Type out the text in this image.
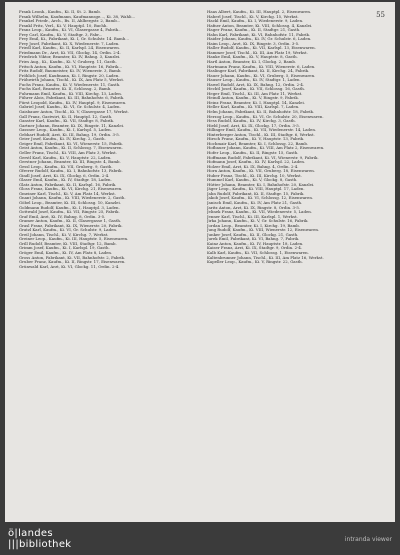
55

Frank Leonh., Kaufm., Ki. II, St. 2. Bamb.

Frank Wilhelm, Kaufmann, Kaufmannsge..., Ki. 38, Wahli...

Frankel Friedr., Arch., Bs. II, Ahlbergstr. 2, Bamb...

Frankl Fritz, Verl., Ki. V, Hauptpl. 10, Buchh.

Franz Leop., Kaufm., Ki. VI, Glasergasse 4, Fabrik...

Frey Carl, Kaufm., Ki. V, Stadtgr. 3, Fabr...

Frey Emil, Ki., Fabrikant, Ki. I, Gr. Schulstr. 14. Bamb...

Frey Josef, Fabrikant, Ki. X, Wiedenerstr. 7, Laden.

Friedl Karl, Kaufm., Ki. II, Karlspl. 24, Eisenwaren.

Friedmann Dr., Arzt, Ki. VII, Glockg. 14, Ordin. 2-4.

Friedrich Viktor, Beamter, Ki. IV, Bahng. 3, Kanzlei.

Fries Aug., Ki., Kaufm., Ki. V, Gruberg. 11, Gasth.

Fritsch Anton, Kaufm., Ki. VI, Hauptstr. 16, Fabrik...

Fritz Rudolf, Baumeister, Ki. IV, Wienerstr. 3, Bamb.

Fröhlich Josef, Kaufmann, Ki. I, Ringstr. 20, Laden.

Frühwirth Johann, Tischl., Ki. IX, Am Platz 5, Werkst.

Fuchs Franz, Kaufm., Ki. V, Wiedenerstr. 11, Gasth.

Fuchs Karl, Beamter, Ki. II, Schlossg. 2, Bamb.

Fuhrmann Emil, Kaufm., Ki. VIII, Kirchg. 13, Laden.

Führer Alois, Fabrikant, Ki. III, Bahnhofstr. 6, Fabrik.

Fürst Leopold, Kaufm., Ki. IV, Hauptpl. 9, Eisenwaren.

Gabriel Josef, Kaufm., Ki. VI, Gr. Schulstr. 4, Laden.

Gaisbauer Anton, Tischl., Ki. V, Glasergasse 17, Werkst.

Gall Franz, Gastwirt, Ki. II, Hauptpl. 12, Gasth.

Ganster Karl, Kaufm., Ki. VII, Stadtgr. 8, Fabrik.

Gartner Johann, Beamter, Ki. IX, Ringstr. 11, Kanzlei.

Gassner Leop., Kaufm., Ki. I, Karlspl. 5, Laden.

Gebhart Rudolf, Arzt, Ki. III, Bahng. 19, Ordin. 3-5.

Geier Josef, Kaufm., Ki. IV, Kirchg. 2, Gasth.

Geiger Emil, Fabrikant, Ki. VI, Wienerstr. 15, Fabrik.

Geist Anton, Kaufm., Ki. II, Schlossg. 7, Eisenwaren.

Geller Franz, Tischl., Ki. VIII, Am Platz 3, Werkst.

Gerstl Karl, Kaufm., Ki. V, Hauptstr. 22, Laden.

Gerstner Johann, Beamter, Ki. III, Ringstr. 4, Bamb.

Gessl Leop., Kaufm., Ki. VII, Gruberg. 9, Gasth.

Gfrerer Rudolf, Kaufm., Ki. I, Bahnhofstr. 13, Fabrik.

Gindl Josef, Arzt, Ki. IX, Glockg. 6, Ordin. 2-4.

Glaser Emil, Kaufm., Ki. IV, Stadtgr. 18, Laden.

Glatz Anton, Fabrikant, Ki. II, Karlspl. 16, Fabrik.

Gloss Franz, Kaufm., Ki. VI, Kirchg. 21, Eisenwaren.

Gmeiner Karl, Tischl., Ki. V, Am Platz 14, Werkst.

Gnant Johann, Kaufm., Ki. VIII, Wiedenerstr. 2, Gasth.

Göbel Leop., Beamter, Ki. III, Schlossg. 10, Kanzlei.

Goldmann Rudolf, Kaufm., Ki. I, Hauptpl. 3, Laden.

Gottwald Josef, Kaufm., Ki. VII, Ringstr. 25, Fabrik.

Graf Emil, Arzt, Ki. IV, Bahng. 8, Ordin. 3-5.

Gramer Anton, Kaufm., Ki. II, Glasergasse 1, Gasth.

Grasl Franz, Fabrikant, Ki. IX, Wienerstr. 20, Fabrik.

Gratzl Karl, Kaufm., Ki. VI, Gr. Schulstr. 9, Laden.

Greil Johann, Tischl., Ki. V, Kirchg. 7, Werkst.

Greiner Leop., Kaufm., Ki. III, Hauptstr. 5, Eisenwaren.

Grill Rudolf, Beamter, Ki. VIII, Stadtgr. 12, Bamb.

Grimm Josef, Kaufm., Ki. I, Karlspl. 19, Gasth.

Gröger Emil, Kaufm., Ki. IV, Am Platz 8, Laden.

Gross Anton, Fabrikant, Ki. VII, Bahnhofstr. 2, Fabrik.

Gruber Franz, Kaufm., Ki. II, Ringstr. 17, Eisenwaren.

Grünwald Karl, Arzt, Ki. VI, Glockg. 11, Ordin. 2-4.

Haas Albert, Kaufm., Ki. III, Hauptpl. 2, Eisenwaren.

Haberl Josef, Tischl., Ki. V, Kirchg. 15, Werkst.

Hackl Emil, Kaufm., Ki. I, Wiedenerstr. 9, Laden.

Hafner Anton, Beamter, Ki. VIII, Schlossg. 4, Kanzlei.

Hager Franz, Kaufm., Ki. II, Stadtgr. 21, Gasth.

Hahn Karl, Fabrikant, Ki. VI, Bahnhofstr. 11, Fabrik.

Haider Johann, Kaufm., Ki. IV, Gr. Schulstr. 6, Laden.

Haim Leop., Arzt, Ki. IX, Ringstr. 3, Ordin. 3-5.

Haller Rudolf, Kaufm., Ki. VII, Karlspl. 13, Eisenwaren.

Hammer Josef, Tischl., Ki. III, Am Platz 19, Werkst.

Hanke Emil, Kaufm., Ki. V, Hauptstr. 8, Gasth.

Hartl Anton, Beamter, Ki. I, Glockg. 2, Bamb.

Hartmann Franz, Kaufm., Ki. VIII, Wienerstr. 6, Laden.

Haslinger Karl, Fabrikant, Ki. II, Kirchg. 24, Fabrik.

Hauer Johann, Kaufm., Ki. VI, Gruberg. 5, Eisenwaren.

Hauser Leop., Kaufm., Ki. IV, Stadtgr. 1, Laden.

Hawel Rudolf, Arzt, Ki. IX, Bahng. 12, Ordin. 2-4.

Hechtl Josef, Kaufm., Ki. VII, Schlossg. 16, Gasth.

Heger Emil, Tischl., Ki. III, Am Platz 11, Werkst.

Heindl Anton, Kaufm., Ki. V, Ringstr. 9, Fabrik.

Heinz Franz, Beamter, Ki. I, Hauptpl. 14, Kanzlei.

Heller Karl, Kaufm., Ki. VIII, Karlspl. 7, Laden.

Helm Johann, Fabrikant, Ki. II, Bahnhofstr. 18, Fabrik.

Herzog Leop., Kaufm., Ki. VI, Gr. Schulstr. 20, Eisenwaren.

Hess Rudolf, Kaufm., Ki. IV, Kirchg. 3, Gasth.

Hiebl Josef, Arzt, Ki. IX, Glockg. 17, Ordin. 3-5.

Hillinger Emil, Kaufm., Ki. VII, Wiedenerstr. 14, Laden.

Hinterberger Anton, Tischl., Ki. III, Stadtgr. 6, Werkst.

Hirsch Franz, Kaufm., Ki. V, Hauptstr. 13, Fabrik.

Hochmair Karl, Beamter, Ki. I, Schlossg. 22, Bamb.

Hofbauer Johann, Kaufm., Ki. VIII, Am Platz 2, Eisenwaren.

Hofer Leop., Kaufm., Ki. II, Ringstr. 15, Gasth.

Hoffmann Rudolf, Fabrikant, Ki. VI, Wienerstr. 9, Fabrik.

Hofmann Josef, Kaufm., Ki. IV, Karlspl. 22, Laden.

Holzer Emil, Arzt, Ki. IX, Bahng. 4, Ordin. 2-4.

Horn Anton, Kaufm., Ki. VII, Gruberg. 18, Eisenwaren.

Huber Franz, Tischl., Ki. III, Kirchg. 10, Werkst.

Hummel Karl, Kaufm., Ki. V, Glockg. 8, Gasth.

Hütter Johann, Beamter, Ki. I, Bahnhofstr. 20, Kanzlei.

Jäger Leop., Kaufm., Ki. VIII, Hauptpl. 17, Laden.

Jahn Rudolf, Fabrikant, Ki. II, Stadtgr. 15, Fabrik.

Jakob Josef, Kaufm., Ki. VI, Schlossg. 12, Eisenwaren.

Janisch Emil, Kaufm., Ki. IV, Am Platz 21, Gasth.

Jaritz Anton, Arzt, Ki. IX, Ringstr. 8, Ordin. 3-5.

Jelinek Franz, Kaufm., Ki. VII, Wiedenerstr. 5, Laden.

Jenner Karl, Tischl., Ki. III, Karlspl. 1, Werkst.

Jirka Johann, Kaufm., Ki. V, Gr. Schulstr. 16, Fabrik.

Jordan Leop., Beamter, Ki. I, Kirchg. 19, Bamb.

Jung Rudolf, Kaufm., Ki. VIII, Wienerstr. 12, Eisenwaren.

Junker Josef, Kaufm., Ki. II, Glockg. 21, Gasth.

Jurek Emil, Fabrikant, Ki. VI, Bahng. 7, Fabrik.

Kainz Anton, Kaufm., Ki. IV, Hauptstr. 18, Laden.

Kaiser Franz, Arzt, Ki. IX, Stadtgr. 9, Ordin. 2-4.

Kalb Karl, Kaufm., Ki. VII, Schlossg. 1, Eisenwaren.

Kaltenbrunner Johann, Tischl., Ki. III, Am Platz 16, Werkst.

Kapeller Leop., Kaufm., Ki. V, Ringstr. 22, Gasth.

ö|landes
|||bibliothek	intranda viewer
